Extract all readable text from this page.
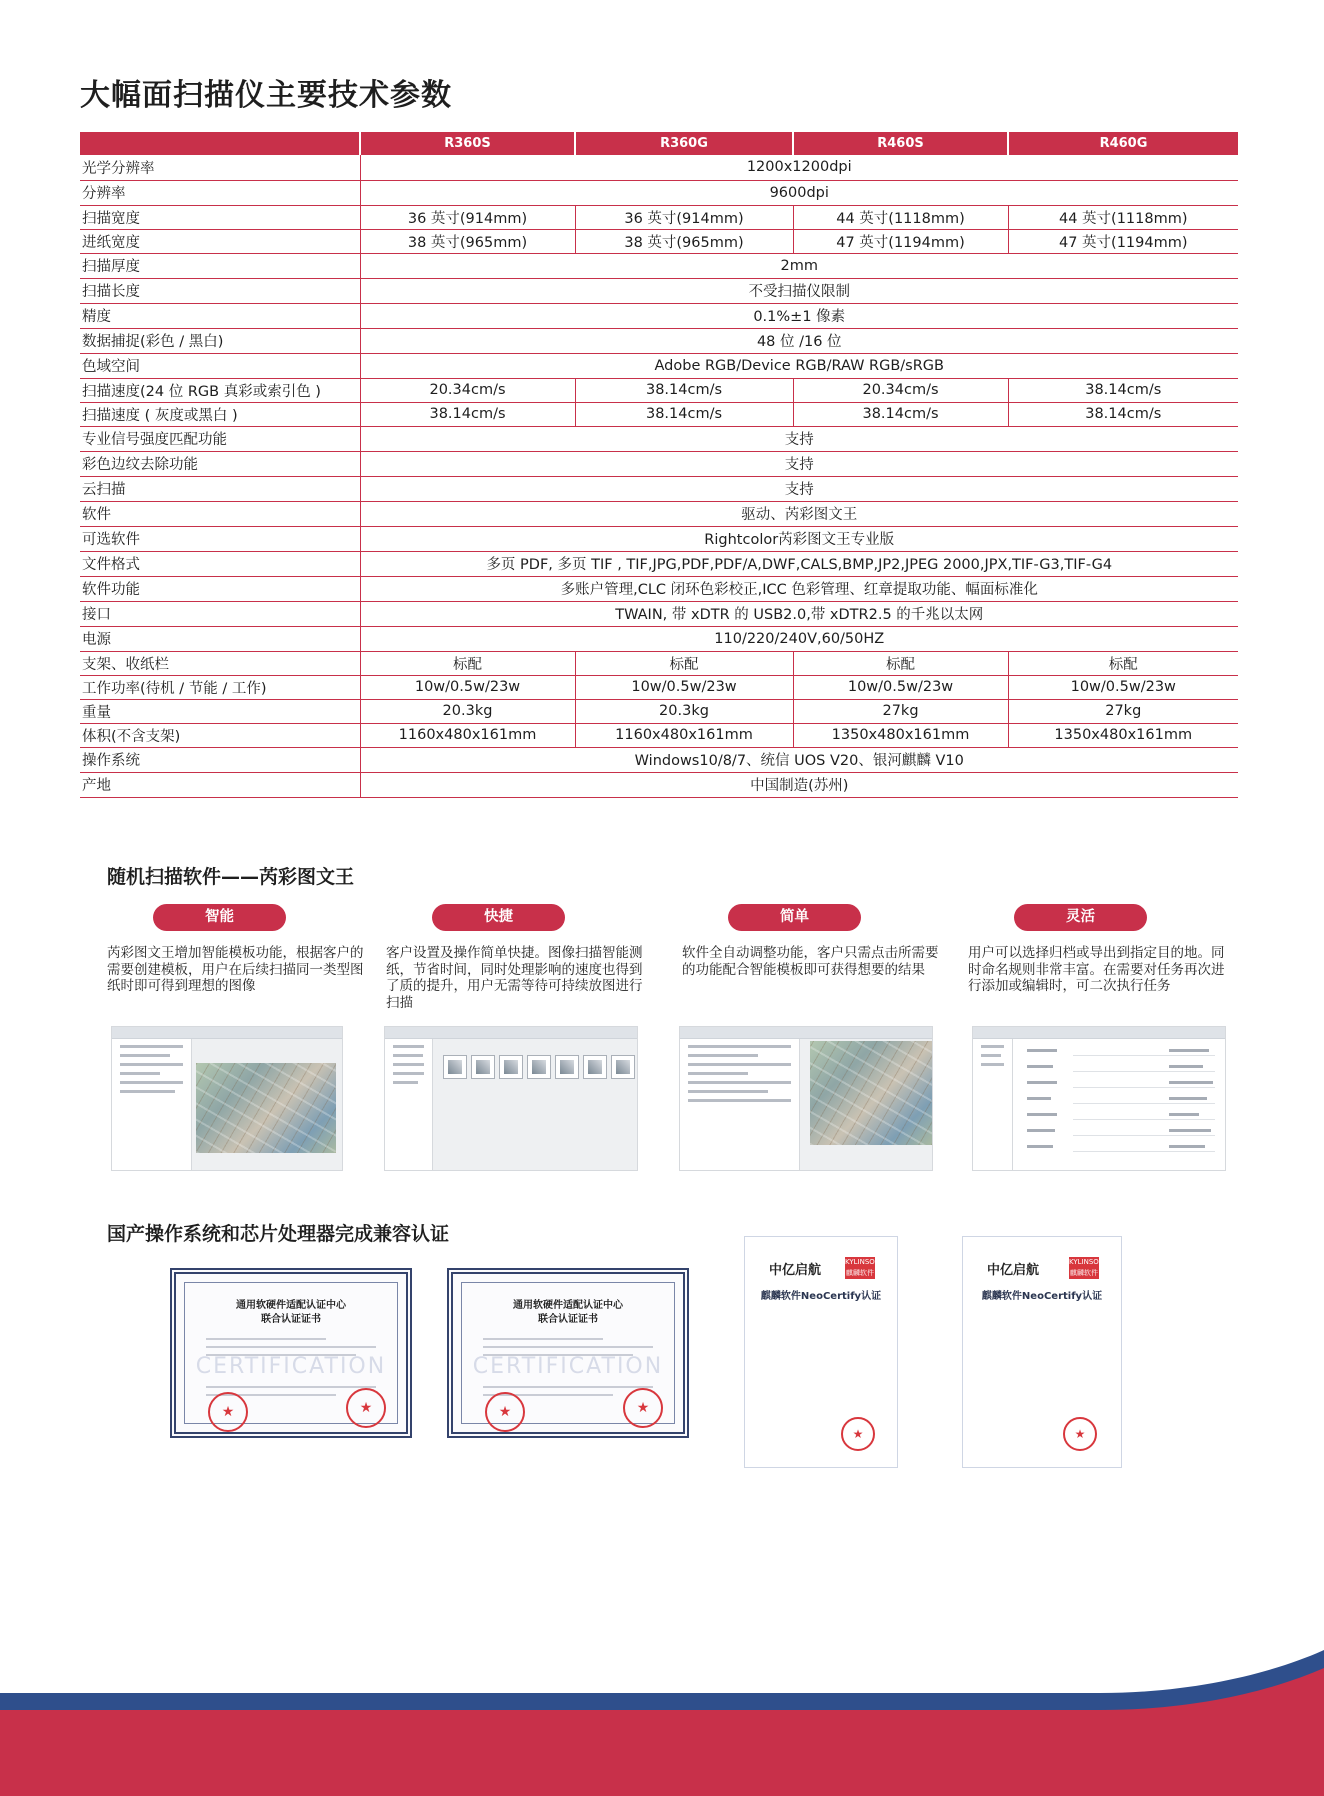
大幅面扫描仪主要技术参数
	R360S	R360G	R460S	R460G
光学分辨率	1200x1200dpi			
分辨率	9600dpi			
扫描宽度	36 英寸(914mm)	36 英寸(914mm)	44 英寸(1118mm)	44 英寸(1118mm)
进纸宽度	38 英寸(965mm)	38 英寸(965mm)	47 英寸(1194mm)	47 英寸(1194mm)
扫描厚度	2mm			
扫描长度	不受扫描仪限制			
精度	0.1%±1 像素			
数据捕捉(彩色 / 黑白)	48 位 /16 位			
色域空间	Adobe RGB/Device RGB/RAW RGB/sRGB			
扫描速度(24 位 RGB 真彩或索引色 )	20.34cm/s	38.14cm/s	20.34cm/s	38.14cm/s
扫描速度 ( 灰度或黑白 )	38.14cm/s	38.14cm/s	38.14cm/s	38.14cm/s
专业信号强度匹配功能	支持			
彩色边纹去除功能	支持			
云扫描	支持			
软件	驱动、芮彩图文王			
可选软件	Rightcolor芮彩图文王专业版			
文件格式	多页 PDF, 多页 TIF , TIF,JPG,PDF,PDF/A,DWF,CALS,BMP,JP2,JPEG 2000,JPX,TIF-G3,TIF-G4			
软件功能	多账户管理,CLC 闭环色彩校正,ICC 色彩管理、红章提取功能、幅面标准化			
接口	TWAIN, 带 xDTR 的 USB2.0,带 xDTR2.5 的千兆以太网			
电源	110/220/240V,60/50HZ			
支架、收纸栏	标配	标配	标配	标配
工作功率(待机 / 节能 / 工作)	10w/0.5w/23w	10w/0.5w/23w	10w/0.5w/23w	10w/0.5w/23w
重量	20.3kg	20.3kg	27kg	27kg
体积(不含支架)	1160x480x161mm	1160x480x161mm	1350x480x161mm	1350x480x161mm
操作系统	Windows10/8/7、统信 UOS V20、银河麒麟 V10			
产地	中国制造(苏州)			
随机扫描软件——芮彩图文王
智能
芮彩图文王增加智能模板功能，根据客户的需要创建模板，用户在后续扫描同一类型图纸时即可得到理想的图像
快捷
客户设置及操作简单快捷。图像扫描智能测纸，节省时间，同时处理影响的速度也得到了质的提升，用户无需等待可持续放图进行扫描
简单
软件全自动调整功能，客户只需点击所需要的功能配合智能模板即可获得想要的结果
灵活
用户可以选择归档或导出到指定目的地。同时命名规则非常丰富。在需要对任务再次进行添加或编辑时，可二次执行任务
国产操作系统和芯片处理器完成兼容认证
通用软硬件适配认证中心
联合认证证书
CERTIFICATION
★	★
通用软硬件适配认证中心
联合认证证书
CERTIFICATION
★	★
中亿启航
KYLINSOFT 麒麟软件
麒麟软件NeoCertify认证
★
中亿启航
KYLINSOFT 麒麟软件
麒麟软件NeoCertify认证
★
